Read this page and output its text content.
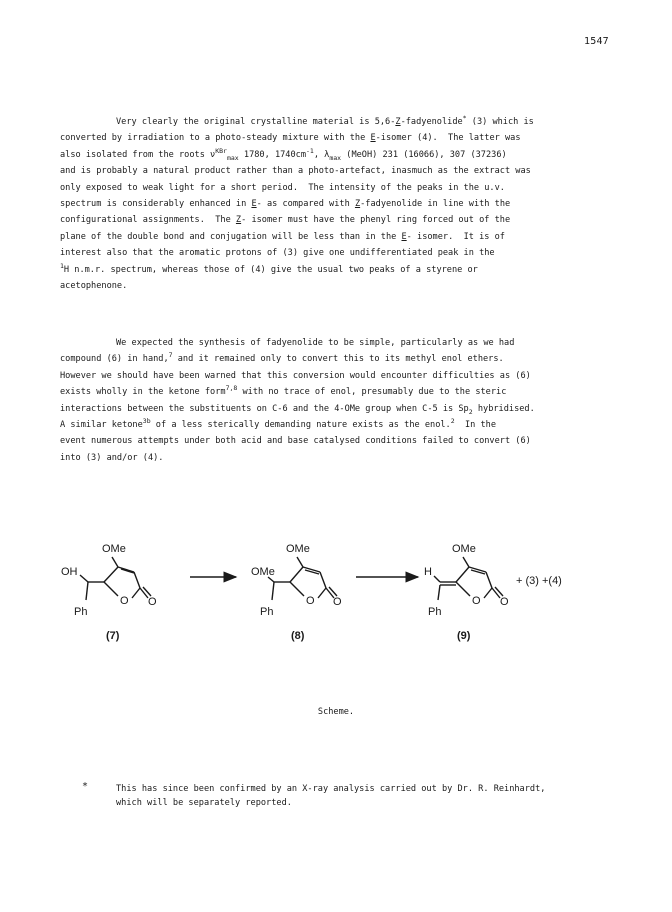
1547
Very clearly the original crystalline material is 5,6-Z-fadyenolide* (3) which is
converted by irradiation to a photo-steady mixture with the E-isomer (4).  The latter was
also isolated from the roots $\nu^{KBr}_{max}$ 1780, $1740cm^{-1}$, $\lambda_{max}$ (MeOH) 231 (16066), 307 (37236)
and is probably a natural product rather than a photo-artefact, inasmuch as the extract was
only exposed to weak light for a short period.  The intensity of the peaks in the u.v.
spectrum is considerably enhanced in E- as compared with Z-fadyenolide in line with the
configurational assignments.  The Z- isomer must have the phenyl ring forced out of the
plane of the double bond and conjugation will be less than in the E- isomer.  It is of
interest also that the aromatic protons of (3) give one undifferentiated peak in the
$^1$H n.m.r. spectrum, whereas those of (4) give the usual two peaks of a styrene or
acetophenone.
We expected the synthesis of fadyenolide to be simple, particularly as we had
compound (6) in hand,$^7$ and it remained only to convert this to its methyl enol ethers.
However we should have been warned that this conversion would encounter difficulties as (6)
exists wholly in the ketone form$^{7,8}$ with no trace of enol, presumably due to the steric
interactions between the substituents on C-6 and the 4-OMe group when C-5 is $Sp_2$ hybridised.
A similar ketone$^{3b}$ of a less sterically demanding nature exists as the enol.$^2$  In the
event numerous attempts under both acid and base catalysed conditions failed to convert (6)
into (3) and/or (4).
OMe
OH
O O
Ph
(7)
OMe
OMe
O O
Ph
(8)
OMe
H
O O
Ph
+ (3) +(4)
(9)
Scheme.
*	This has since been confirmed by an X-ray analysis carried out by Dr. R. Reinhardt,
which will be separately reported.
